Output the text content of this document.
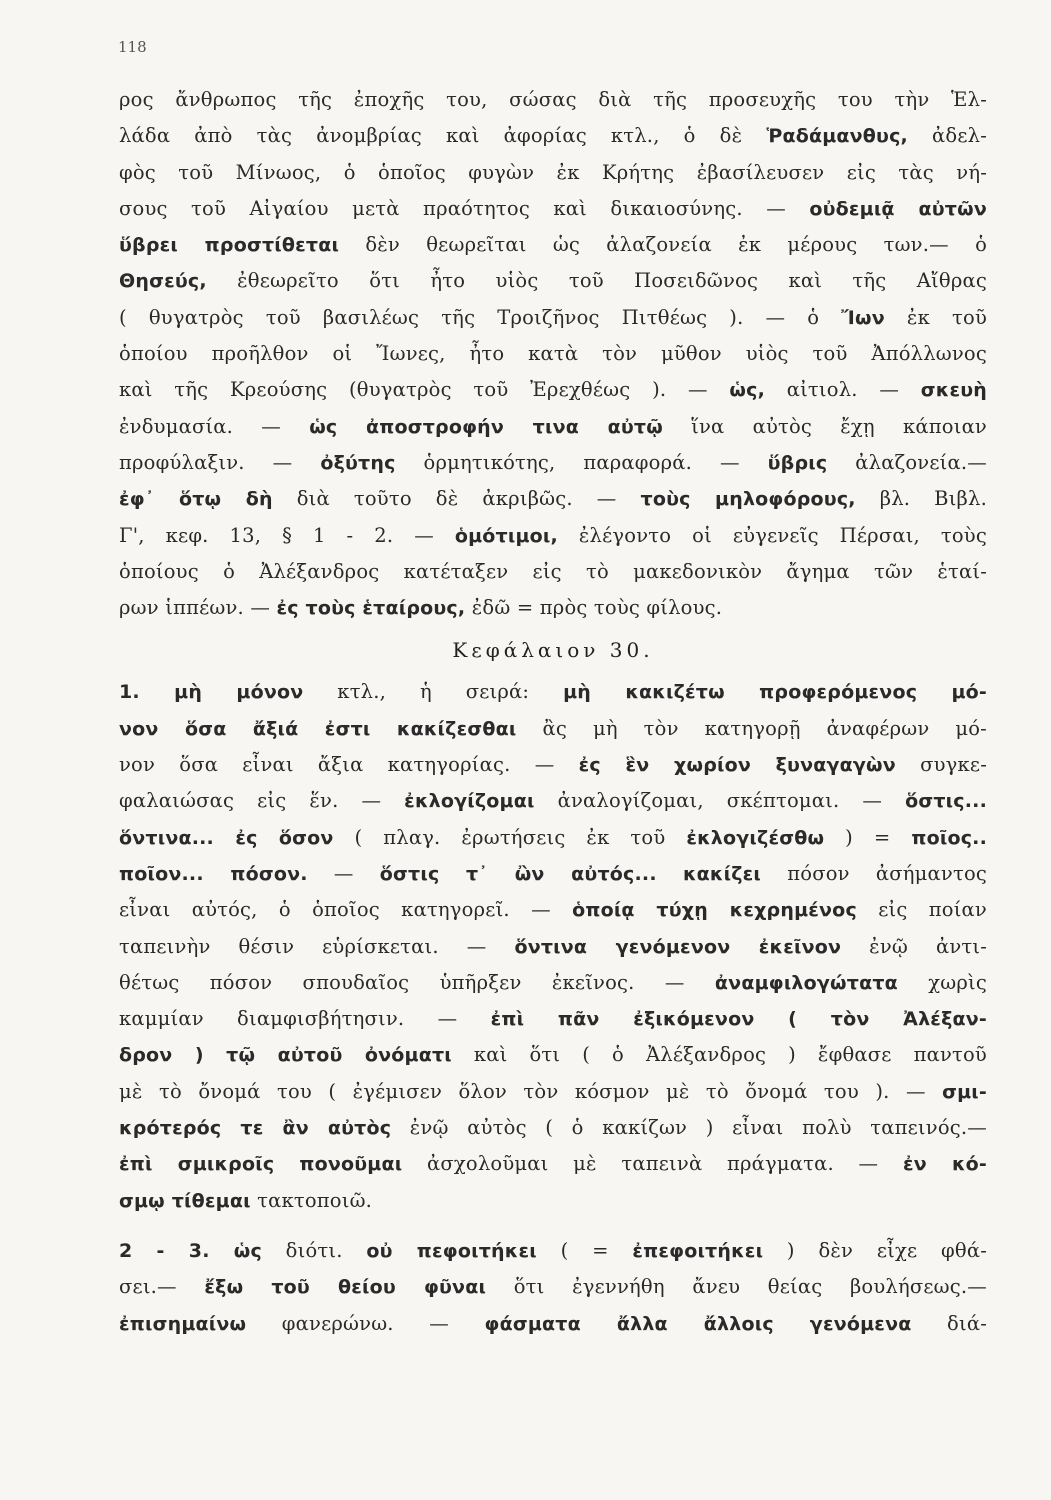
118
ρος ἄνθρωπος τῆς ἐποχῆς του, σώσας διὰ τῆς προσευχῆς του τὴν Ἑλ-
λάδα ἀπὸ τὰς ἀνομβρίας καὶ ἀφορίας κτλ., ὁ δὲ Ῥαδάμανθυς, ἀδελ-
φὸς τοῦ Μίνωος, ὁ ὁποῖος φυγὼν ἐκ Κρήτης ἐβασίλευσεν εἰς τὰς νή-
σους τοῦ Αἰγαίου μετὰ πραότητος καὶ δικαιοσύνης. — οὐδεμιᾷ αὐτῶν
ὕβρει προστίθεται δὲν θεωρεῖται ὡς ἀλαζονεία ἐκ μέρους των.— ὁ
Θησεύς, ἐθεωρεῖτο ὅτι ἦτο υἱὸς τοῦ Ποσειδῶνος καὶ τῆς Αἴθρας
( θυγατρὸς τοῦ βασιλέως τῆς Τροιζῆνος Πιτθέως ). — ὁ Ἴων ἐκ τοῦ
ὁποίου προῆλθον οἱ Ἴωνες, ἦτο κατὰ τὸν μῦθον υἱὸς τοῦ Ἀπόλλωνος
καὶ τῆς Κρεούσης (θυγατρὸς τοῦ Ἐρεχθέως ). — ὡς, αἰτιολ. — σκευὴ
ἐνδυμασία. — ὡς ἀποστροφήν τινα αὐτῷ ἵνα αὐτὸς ἔχῃ κάποιαν
προφύλαξιν. — ὀξύτης ὁρμητικότης, παραφορά. — ὕβρις ἀλαζονεία.—
ἐφ᾽ ὅτῳ δὴ διὰ τοῦτο δὲ ἀκριβῶς. — τοὺς μηλοφόρους, βλ. Βιβλ.
Γ', κεφ. 13, § 1 - 2. — ὁμότιμοι, ἐλέγοντο οἱ εὐγενεῖς Πέρσαι, τοὺς
ὁποίους ὁ Ἀλέξανδρος κατέταξεν εἰς τὸ μακεδονικὸν ἄγημα τῶν ἑταί-
ρων ἱππέων. — ἐς τοὺς ἑταίρους, ἐδῶ = πρὸς τοὺς φίλους.
Κεφάλαιον 30.
1. μὴ μόνον κτλ., ἡ σειρά: μὴ κακιζέτω προφερόμενος μό-
νον ὅσα ἄξιά ἐστι κακίζεσθαι ἂς μὴ τὸν κατηγορῇ ἀναφέρων μό-
νον ὅσα εἶναι ἄξια κατηγορίας. — ἐς ἓν χωρίον ξυναγαγὼν συγκε-
φαλαιώσας εἰς ἕν. — ἐκλογίζομαι ἀναλογίζομαι, σκέπτομαι. — ὅστις...
ὅντινα... ἐς ὅσον ( πλαγ. ἐρωτήσεις ἐκ τοῦ ἐκλογιζέσθω ) = ποῖος..
ποῖον... πόσον. — ὅστις τ᾽ ὢν αὐτός... κακίζει πόσον ἀσήμαντος
εἶναι αὐτός, ὁ ὁποῖος κατηγορεῖ. — ὁποίᾳ τύχῃ κεχρημένος εἰς ποίαν
ταπεινὴν θέσιν εὑρίσκεται. — ὅντινα γενόμενον ἐκεῖνον ἐνῷ ἀντι-
θέτως πόσον σπουδαῖος ὑπῆρξεν ἐκεῖνος. — ἀναμφιλογώτατα χωρὶς
καμμίαν διαμφισβήτησιν. — ἐπὶ πᾶν ἐξικόμενον ( τὸν Ἀλέξαν-
δρον ) τῷ αὐτοῦ ὀνόματι καὶ ὅτι ( ὁ Ἀλέξανδρος ) ἔφθασε παντοῦ
μὲ τὸ ὄνομά του ( ἐγέμισεν ὅλον τὸν κόσμον μὲ τὸ ὄνομά του ). — σμι-
κρότερός τε ἂν αὐτὸς ἐνῷ αὐτὸς ( ὁ κακίζων ) εἶναι πολὺ ταπεινός.—
ἐπὶ σμικροῖς πονοῦμαι ἀσχολοῦμαι μὲ ταπεινὰ πράγματα. — ἐν κό-
σμῳ τίθεμαι τακτοποιῶ.
2 - 3. ὡς διότι. οὐ πεφοιτήκει ( = ἐπεφοιτήκει ) δὲν εἶχε φθά-
σει.— ἔξω τοῦ θείου φῦναι ὅτι ἐγεννήθη ἄνευ θείας βουλήσεως.—
ἐπισημαίνω φανερώνω. — φάσματα ἄλλα ἄλλοις γενόμενα διά-
